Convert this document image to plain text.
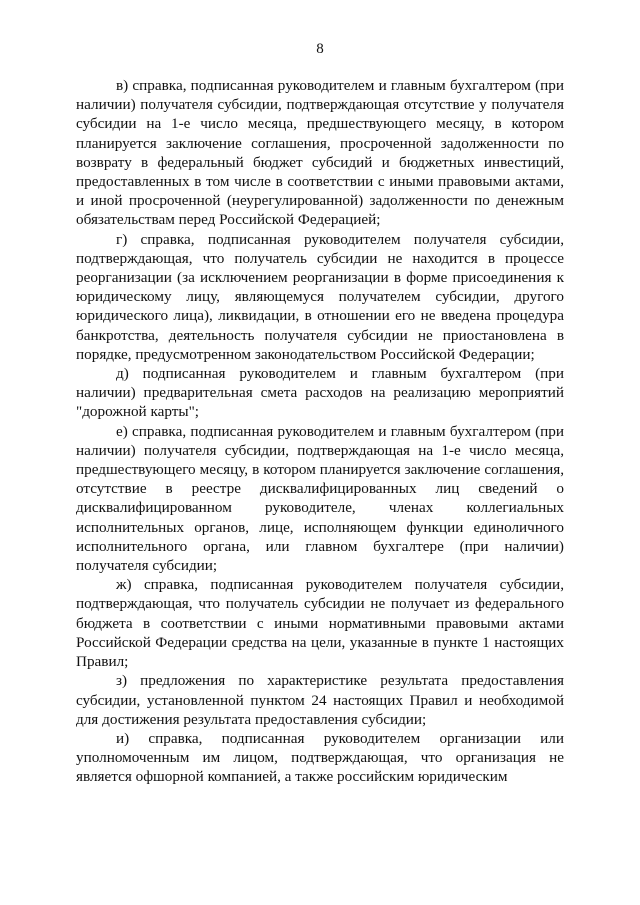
8

в) справка, подписанная руководителем и главным бухгалтером (при наличии) получателя субсидии, подтверждающая отсутствие у получателя субсидии на 1-е число месяца, предшествующего месяцу, в котором планируется заключение соглашения, просроченной задолженности по возврату в федеральный бюджет субсидий и бюджетных инвестиций, предоставленных в том числе в соответствии с иными правовыми актами, и иной просроченной (неурегулированной) задолженности по денежным обязательствам перед Российской Федерацией;

г) справка, подписанная руководителем получателя субсидии, подтверждающая, что получатель субсидии не находится в процессе реорганизации (за исключением реорганизации в форме присоединения к юридическому лицу, являющемуся получателем субсидии, другого юридического лица), ликвидации, в отношении его не введена процедура банкротства, деятельность получателя субсидии не приостановлена в порядке, предусмотренном законодательством Российской Федерации;

д) подписанная руководителем и главным бухгалтером (при наличии) предварительная смета расходов на реализацию мероприятий "дорожной карты";

е) справка, подписанная руководителем и главным бухгалтером (при наличии) получателя субсидии, подтверждающая на 1-е число месяца, предшествующего месяцу, в котором планируется заключение соглашения, отсутствие в реестре дисквалифицированных лиц сведений о дисквалифицированном руководителе, членах коллегиальных исполнительных органов, лице, исполняющем функции единоличного исполнительного органа, или главном бухгалтере (при наличии) получателя субсидии;

ж) справка, подписанная руководителем получателя субсидии, подтверждающая, что получатель субсидии не получает из федерального бюджета в соответствии с иными нормативными правовыми актами Российской Федерации средства на цели, указанные в пункте 1 настоящих Правил;

з) предложения по характеристике результата предоставления субсидии, установленной пунктом 24 настоящих Правил и необходимой для достижения результата предоставления субсидии;

и) справка, подписанная руководителем организации или уполномоченным им лицом, подтверждающая, что организация не является офшорной компанией, а также российским юридическим
